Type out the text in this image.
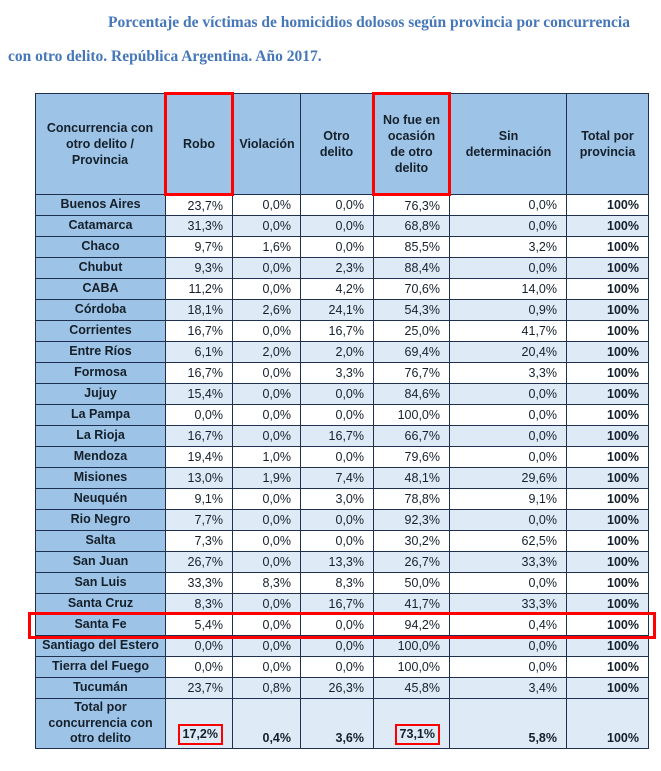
Porcentaje de víctimas de homicidios dolosos según provincia por concurrencia con otro delito. República Argentina. Año 2017.

Concurrencia con otro delito / Provincia	Robo	Violación	Otro delito	No fue en ocasión de otro delito	Sin determinación	Total por provincia
Buenos Aires	23,7%	0,0%	0,0%	76,3%	0,0%	100%
Catamarca	31,3%	0,0%	0,0%	68,8%	0,0%	100%
Chaco	9,7%	1,6%	0,0%	85,5%	3,2%	100%
Chubut	9,3%	0,0%	2,3%	88,4%	0,0%	100%
CABA	11,2%	0,0%	4,2%	70,6%	14,0%	100%
Córdoba	18,1%	2,6%	24,1%	54,3%	0,9%	100%
Corrientes	16,7%	0,0%	16,7%	25,0%	41,7%	100%
Entre Ríos	6,1%	2,0%	2,0%	69,4%	20,4%	100%
Formosa	16,7%	0,0%	3,3%	76,7%	3,3%	100%
Jujuy	15,4%	0,0%	0,0%	84,6%	0,0%	100%
La Pampa	0,0%	0,0%	0,0%	100,0%	0,0%	100%
La Rioja	16,7%	0,0%	16,7%	66,7%	0,0%	100%
Mendoza	19,4%	1,0%	0,0%	79,6%	0,0%	100%
Misiones	13,0%	1,9%	7,4%	48,1%	29,6%	100%
Neuquén	9,1%	0,0%	3,0%	78,8%	9,1%	100%
Rio Negro	7,7%	0,0%	0,0%	92,3%	0,0%	100%
Salta	7,3%	0,0%	0,0%	30,2%	62,5%	100%
San Juan	26,7%	0,0%	13,3%	26,7%	33,3%	100%
San Luis	33,3%	8,3%	8,3%	50,0%	0,0%	100%
Santa Cruz	8,3%	0,0%	16,7%	41,7%	33,3%	100%
Santa Fe	5,4%	0,0%	0,0%	94,2%	0,4%	100%
Santiago del Estero	0,0%	0,0%	0,0%	100,0%	0,0%	100%
Tierra del Fuego	0,0%	0,0%	0,0%	100,0%	0,0%	100%
Tucumán	23,7%	0,8%	26,3%	45,8%	3,4%	100%
Total por concurrencia con otro delito	17,2%	0,4%	3,6%	73,1%	5,8%	100%
